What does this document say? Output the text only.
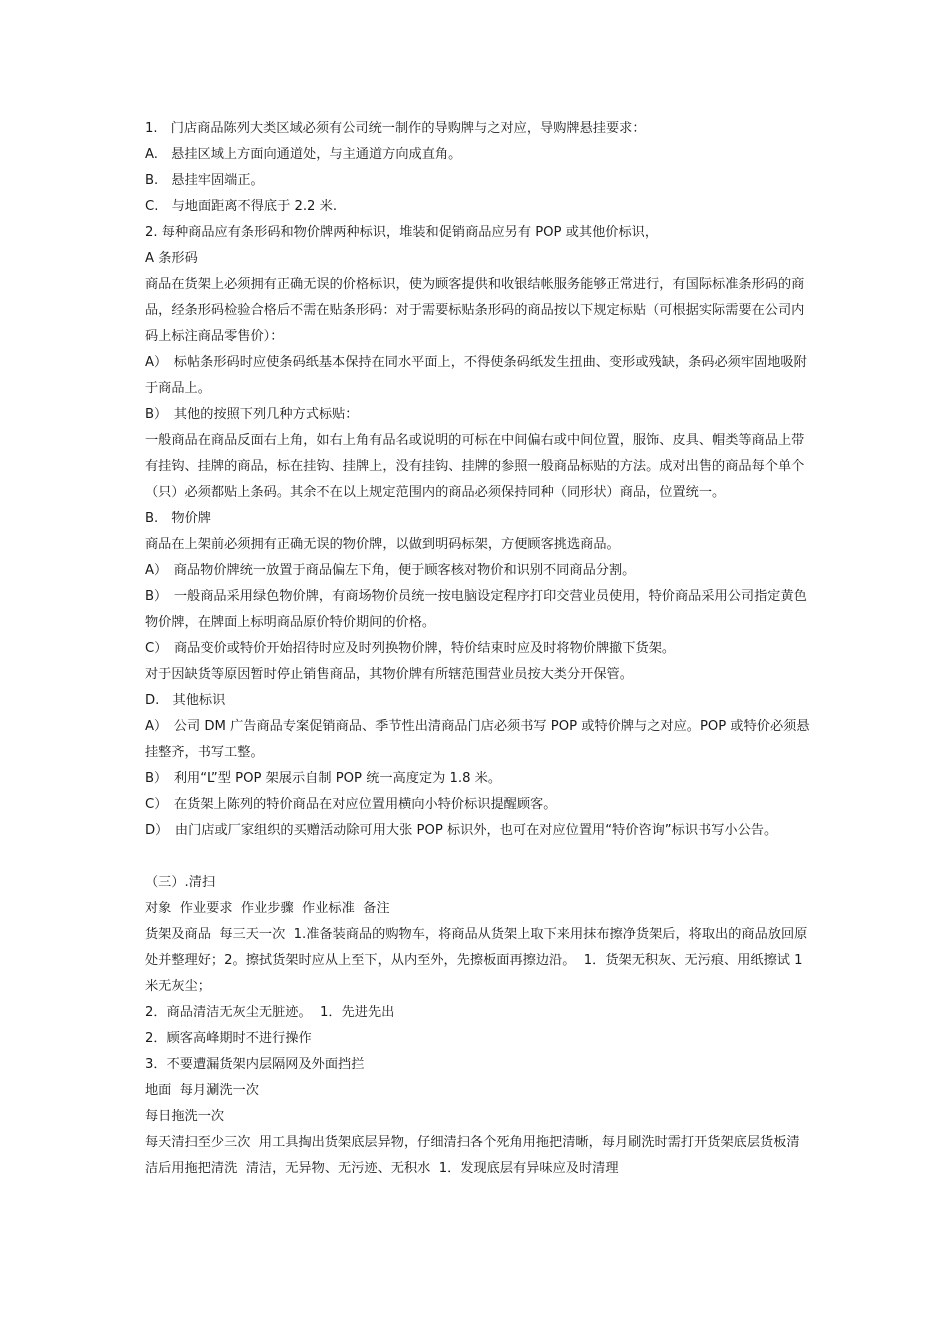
1.　门店商品陈列大类区域必须有公司统一制作的导购牌与之对应，导购牌悬挂要求：

A.　悬挂区域上方面向通道处，与主通道方向成直角。

B.　悬挂牢固端正。

C.　与地面距离不得底于 2.2 米.

2. 每种商品应有条形码和物价牌两种标识，堆装和促销商品应另有 POP 或其他价标识，

A 条形码

商品在货架上必须拥有正确无误的价格标识，使为顾客提供和收银结帐服务能够正常进行，有国际标准条形码的商品，经条形码检验合格后不需在贴条形码：对于需要标贴条形码的商品按以下规定标贴（可根据实际需要在公司内码上标注商品零售价）：

A）　标帖条形码时应使条码纸基本保持在同水平面上，不得使条码纸发生扭曲、变形或残缺，条码必须牢固地吸附于商品上。

B）　其他的按照下列几种方式标贴：

一般商品在商品反面右上角，如右上角有品名或说明的可标在中间偏右或中间位置，服饰、皮具、帽类等商品上带有挂钩、挂牌的商品，标在挂钩、挂牌上，没有挂钩、挂牌的参照一般商品标贴的方法。成对出售的商品每个单个（只）必须都贴上条码。其余不在以上规定范围内的商品必须保持同种（同形状）商品，位置统一。

B.　物价牌

商品在上架前必须拥有正确无误的物价牌，以做到明码标架，方便顾客挑选商品。

A）　商品物价牌统一放置于商品偏左下角，便于顾客核对物价和识别不同商品分割。

B）　一般商品采用绿色物价牌，有商场物价员统一按电脑设定程序打印交营业员使用，特价商品采用公司指定黄色物价牌，在牌面上标明商品原价特价期间的价格。

C）　商品变价或特价开始招待时应及时列换物价牌，特价结束时应及时将物价牌撤下货架。

对于因缺货等原因暂时停止销售商品，其物价牌有所辖范围营业员按大类分开保管。

D.　其他标识

A）　公司 DM 广告商品专案促销商品、季节性出清商品门店必须书写 POP 或特价牌与之对应。POP 或特价必须悬挂整齐，书写工整。

B）　利用“L”型 POP 架展示自制 POP 统一高度定为 1.8 米。

C）　在货架上陈列的特价商品在对应位置用横向小特价标识提醒顾客。

D）　由门店或厂家组织的买赠活动除可用大张 POP 标识外，也可在对应位置用“特价咨询”标识书写小公告。

（三）.清扫

对象  作业要求  作业步骤  作业标准  备注

货架及商品  每三天一次  1.准备装商品的购物车，将商品从货架上取下来用抹布擦净货架后，将取出的商品放回原处并整理好；2。擦拭货架时应从上至下，从内至外，先擦板面再擦边沿。  1．货架无积灰、无污痕、用纸擦试 1 米无灰尘；

2．商品清洁无灰尘无脏迹。  1．先进先出

2．顾客高峰期时不进行操作

3．不要遭漏货架内层隔网及外面挡拦

地面  每月涮洗一次

每日拖洗一次

每天清扫至少三次  用工具掏出货架底层异物，仔细清扫各个死角用拖把清晰，每月刷洗时需打开货架底层货板清洁后用拖把清洗  清洁，无异物、无污迹、无积水  1．发现底层有异味应及时清理
